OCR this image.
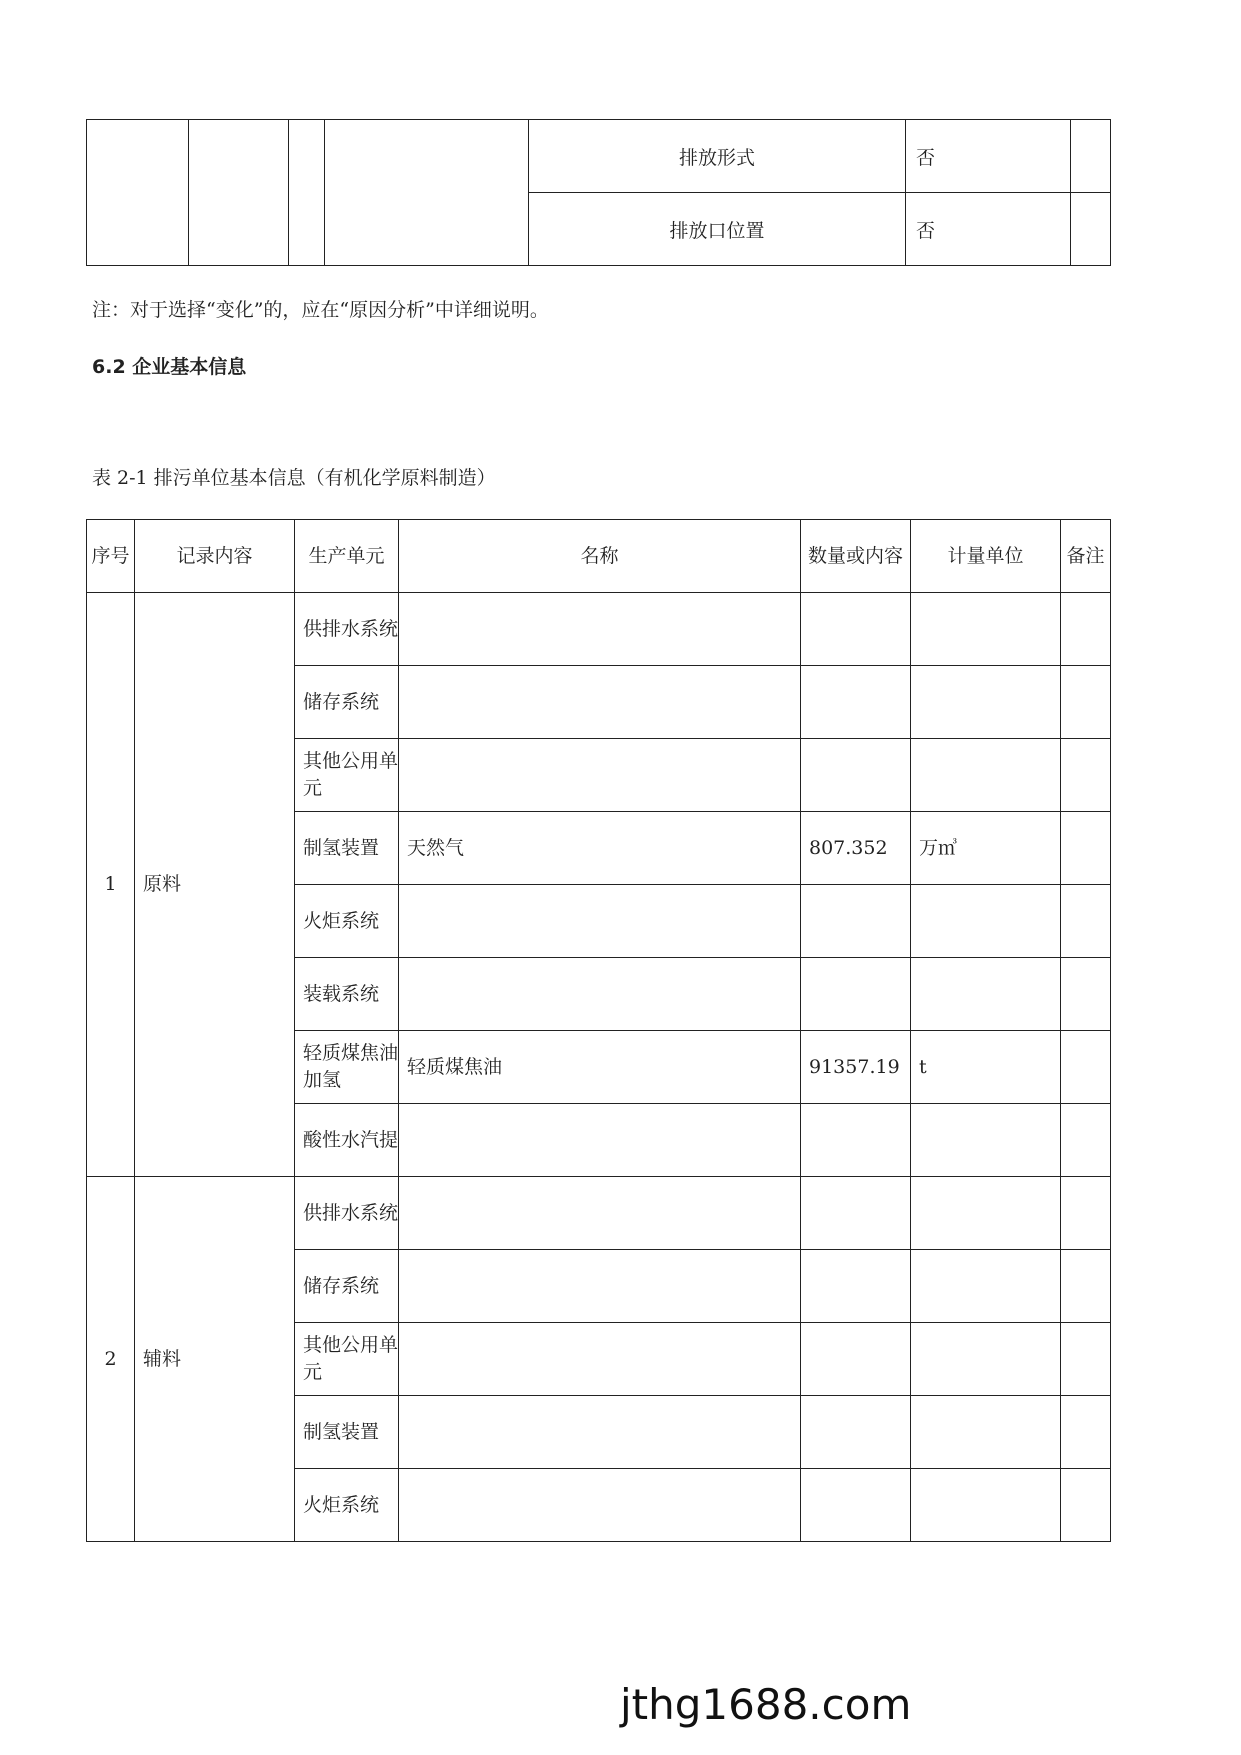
				排放形式	否	
				排放口位置	否	
注：对于选择“变化”的，应在“原因分析”中详细说明。
6.2 企业基本信息
表 2-1 排污单位基本信息（有机化学原料制造）
序号	记录内容	生产单元	名称	数量或内容	计量单位	备注
1	原料	供排水系统				
		储存系统				
		其他公用单元				
		制氢装置	天然气	807.352	万㎥	
		火炬系统				
		装载系统				
		轻质煤焦油加氢	轻质煤焦油	91357.19	t	
		酸性水汽提				
2	辅料	供排水系统				
		储存系统				
		其他公用单元				
		制氢装置				
		火炬系统				
jthg1688.com
